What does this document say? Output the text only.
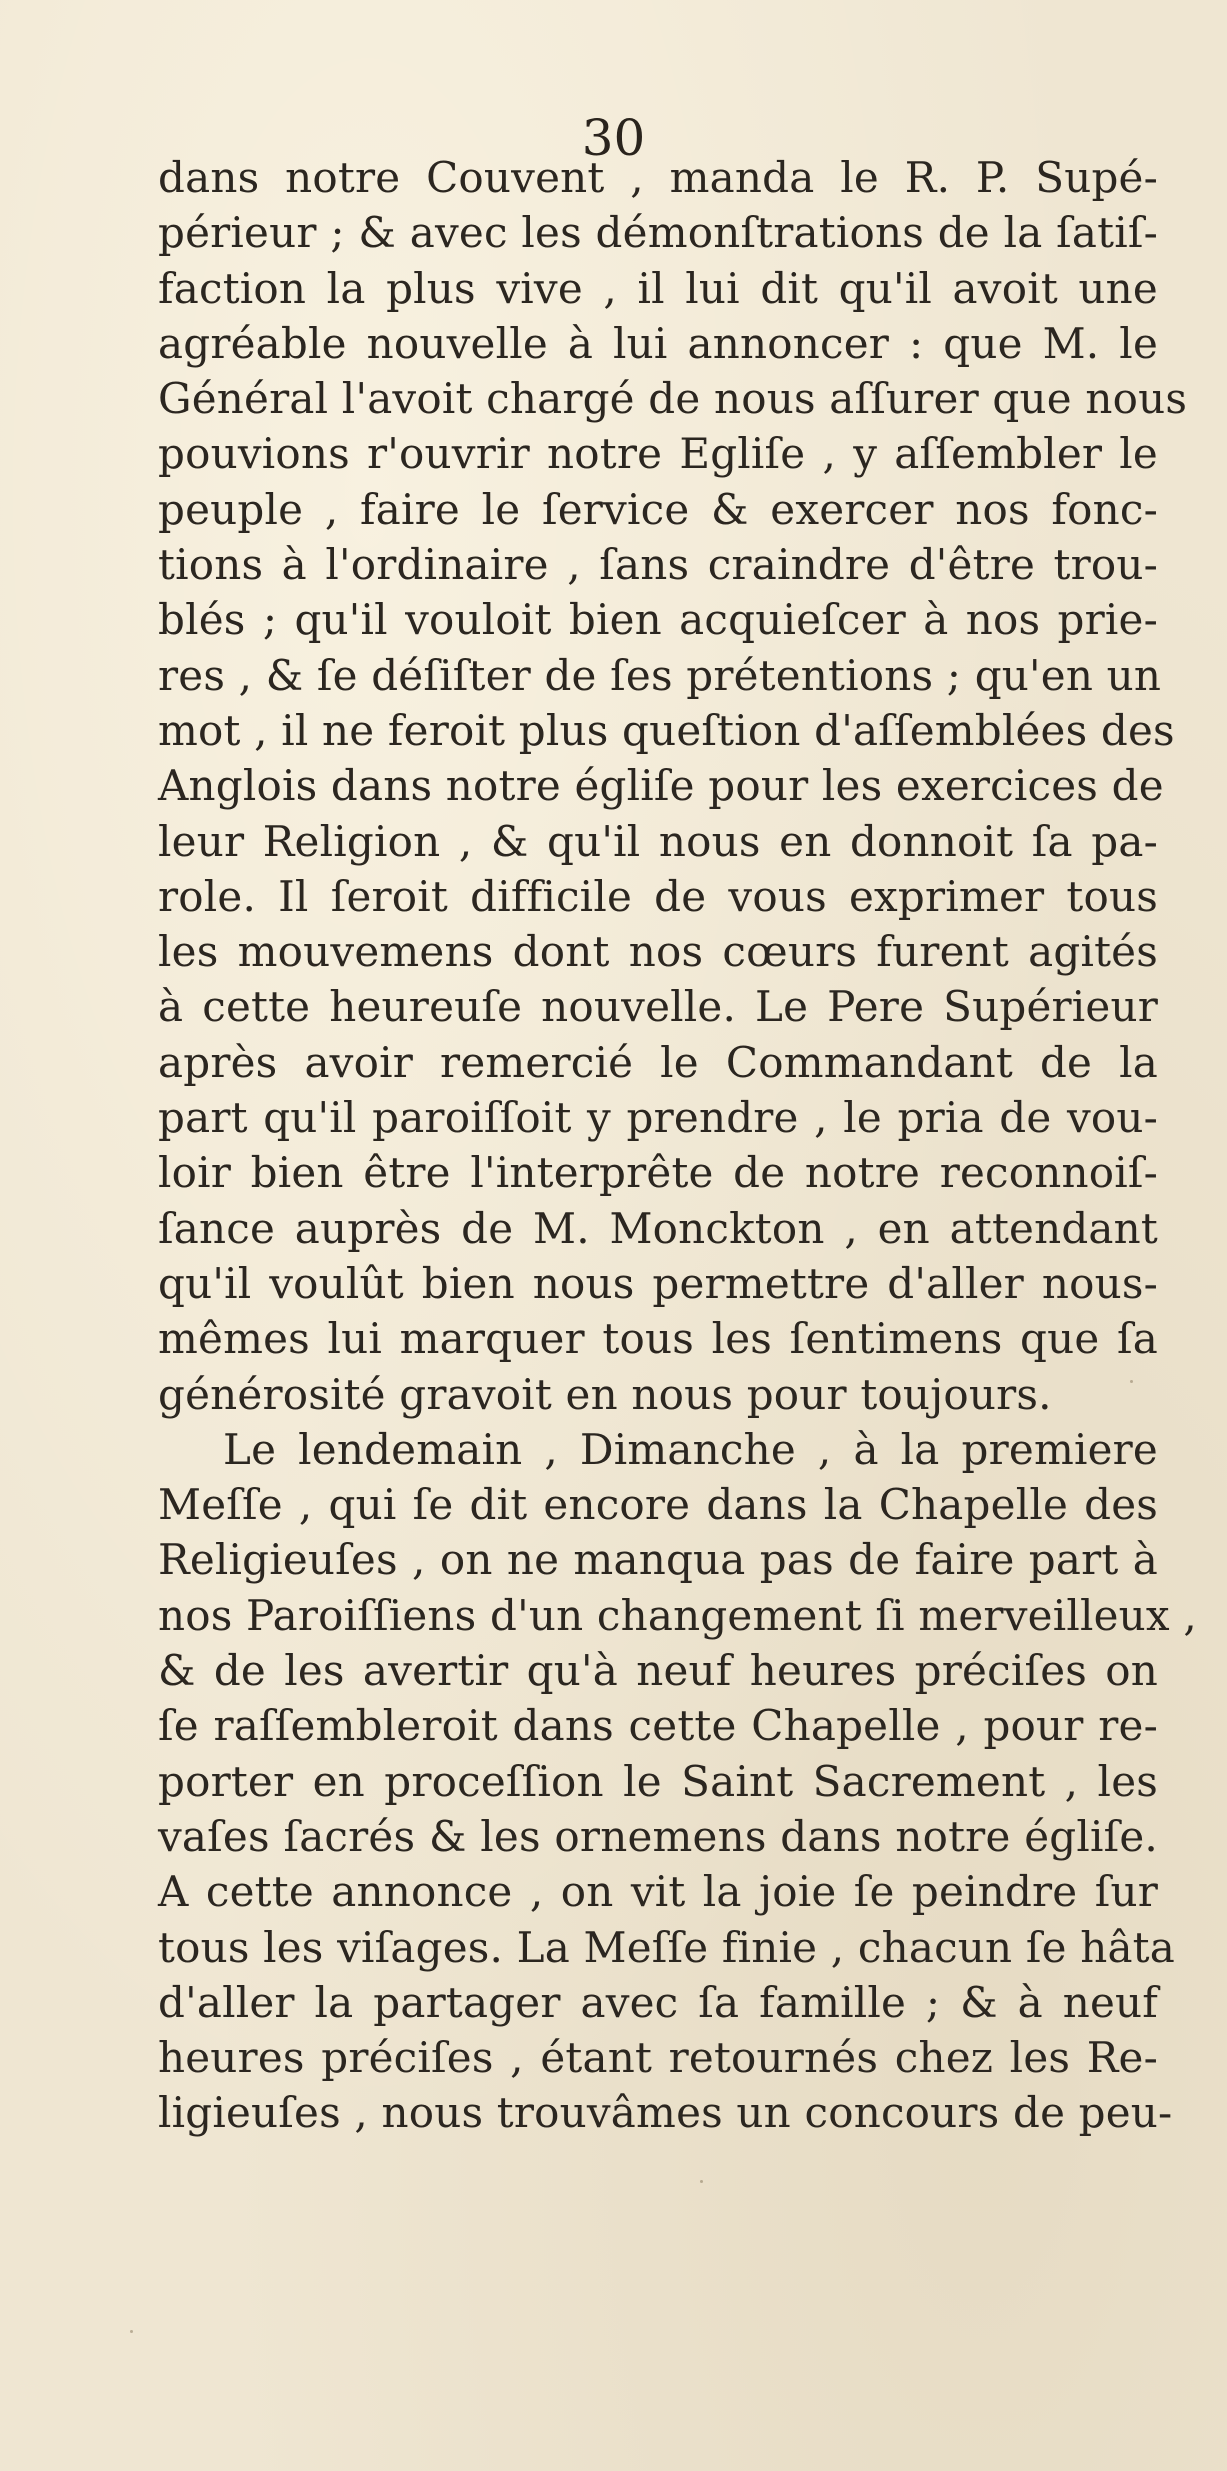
30
dans notre Couvent , manda le R. P. Supé-
périeur ; & avec les démonſtrations de la ſatiſ-
faction la plus vive , il lui dit qu'il avoit une
agréable nouvelle à lui annoncer : que M. le
Général l'avoit chargé de nous aſſurer que nous
pouvions r'ouvrir notre Egliſe , y aſſembler le
peuple , faire le ſervice & exercer nos fonc-
tions à l'ordinaire , ſans craindre d'être trou-
blés ; qu'il vouloit bien acquieſcer à nos prie-
res , & ſe déſiſter de ſes prétentions ; qu'en un
mot , il ne feroit plus queſtion d'aſſemblées des
Anglois dans notre égliſe pour les exercices de
leur Religion , & qu'il nous en donnoit ſa pa-
role. Il ſeroit difficile de vous exprimer tous
les mouvemens dont nos cœurs furent agités
à cette heureuſe nouvelle. Le Pere Supérieur
après avoir remercié le Commandant de la
part qu'il paroiſſoit y prendre , le pria de vou-
loir bien être l'interprête de notre reconnoiſ-
ſance auprès de M. Monckton , en attendant
qu'il voulût bien nous permettre d'aller nous-
mêmes lui marquer tous les ſentimens que ſa
générosité gravoit en nous pour toujours.
Le lendemain , Dimanche , à la premiere
Meſſe , qui ſe dit encore dans la Chapelle des
Religieuſes , on ne manqua pas de faire part à
nos Paroiſſiens d'un changement ſi merveilleux ,
& de les avertir qu'à neuf heures préciſes on
ſe raſſembleroit dans cette Chapelle , pour re-
porter en proceſſion le Saint Sacrement , les
vaſes ſacrés & les ornemens dans notre égliſe.
A cette annonce , on vit la joie ſe peindre ſur
tous les viſages. La Meſſe finie , chacun ſe hâta
d'aller la partager avec ſa famille ; & à neuf
heures préciſes , étant retournés chez les Re-
ligieuſes , nous trouvâmes un concours de peu-
